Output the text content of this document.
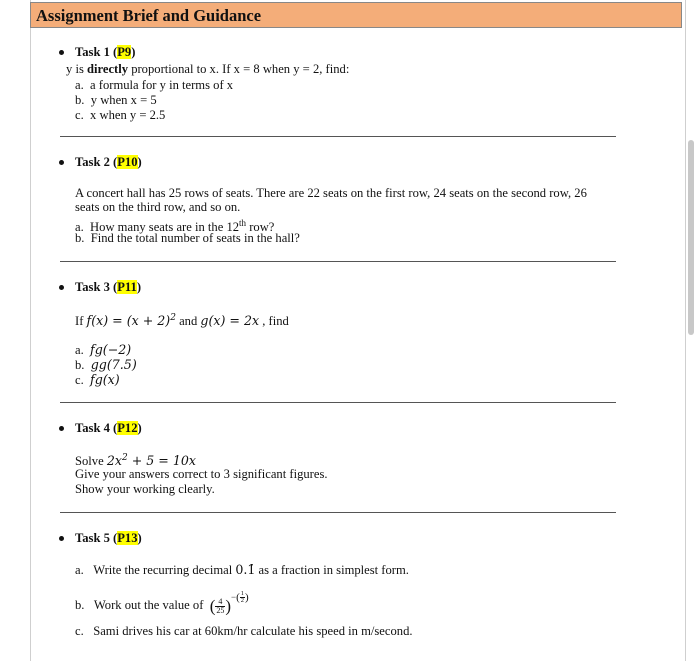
Assignment Brief and Guidance
Task 1 (P9)
y is directly proportional to x. If x = 8 when y = 2, find:
a. a formula for y in terms of x
b. y when x = 5
c. x when y = 2.5
Task 2 (P10)
A concert hall has 25 rows of seats. There are 22 seats on the first row, 24 seats on the second row, 26
seats on the third row, and so on.
a. How many seats are in the 12th row?
b. Find the total number of seats in the hall?
Task 3 (P11)
If $f(x) = (x + 2)^2$ and g(x) = 2x , find
a. fg(−2)
b. gg(7.5)
c. fg(x)
Task 4 (P12)
Solve $2x^2 + 5 = 10x$
Give your answers correct to 3 significant figures.
Show your working clearly.
Task 5 (P13)
a. Write the recurring decimal 0.1̇ as a fraction in simplest form.
b. Work out the value of ( $\frac{4}{25} )^{-( \frac{1}{2} )}$
c. Sami drives his car at 60km/hr calculate his speed in m/second.
